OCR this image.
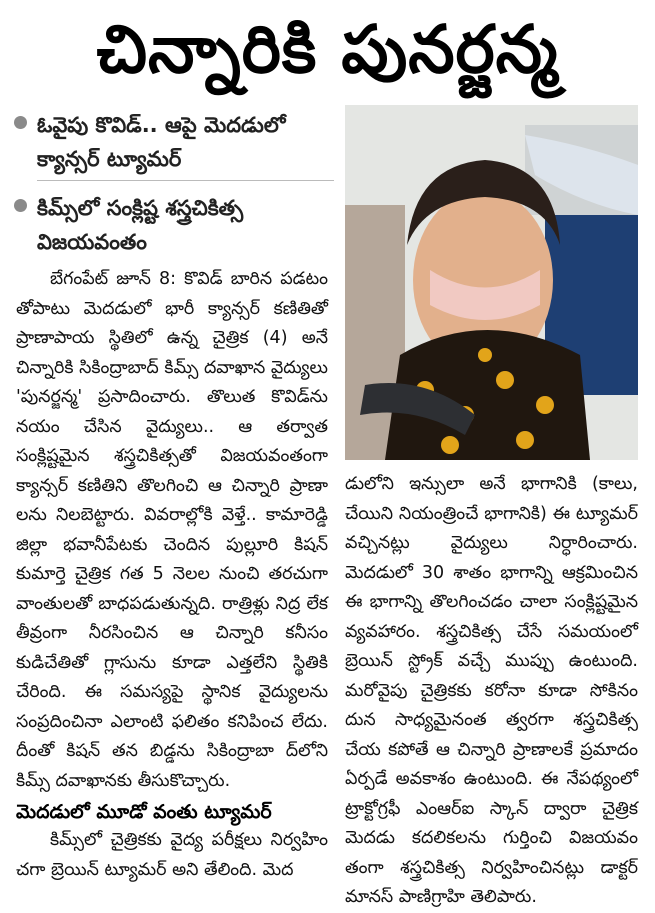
చిన్నారికి పునర్జన్మ
ఓవైపు కొవిడ్.. ఆపై మెదడులో క్యాన్సర్ ట్యూమర్
కిమ్స్‌లో సంక్లిష్ట శస్త్రచికిత్స విజయవంతం

బేగంపేట్ జూన్ 8: కొవిడ్ బారిన పడటం తోపాటు మెదడులో భారీ క్యాన్సర్ కణితితో ప్రాణాపాయ స్థితిలో ఉన్న చైత్రిక (4) అనే చిన్నారికి సికింద్రాబాద్ కిమ్స్ దవాఖాన వైద్యులు 'పునర్జన్మ' ప్రసాదించారు. తొలుత కొవిడ్‌ను నయం చేసిన వైద్యులు.. ఆ తర్వాత సంక్లిష్టమైన శస్త్రచికిత్సతో విజయవంతంగా క్యాన్సర్ కణితిని తొలగించి ఆ చిన్నారి ప్రాణా లను నిలబెట్టారు. వివరాల్లోకి వెళ్తే.. కామారెడ్డి జిల్లా భవానీపేటకు చెందిన పుల్లూరి కిషన్ కుమార్తె చైత్రిక గత 5 నెలల నుంచి తరచుగా వాంతులతో బాధపడుతున్నది. రాత్రిళ్లు నిద్ర లేక తీవ్రంగా నీరసించిన ఆ చిన్నారి కనీసం కుడిచేతితో గ్లాసును కూడా ఎత్తలేని స్థితికి చేరింది. ఈ సమస్యపై స్థానిక వైద్యులను సంప్రదించినా ఎలాంటి ఫలితం కనిపించ లేదు. దీంతో కిషన్ తన బిడ్డను సికింద్రాబా ద్‌లోని కిమ్స్ దవాఖానకు తీసుకొచ్చారు.

మెదడులో మూడో వంతు ట్యూమర్

కిమ్స్‌లో చైత్రికకు వైద్య పరీక్షలు నిర్వహిం చగా బ్రెయిన్ ట్యూమర్ అని తేలింది. మెద

డులోని ఇన్సులా అనే భాగానికి (కాలు, చేయిని నియంత్రించే భాగానికి) ఈ ట్యూమర్ వచ్చినట్లు వైద్యులు నిర్ధారించారు. మెదడులో 30 శాతం భాగాన్ని ఆక్రమించిన ఈ భాగాన్ని తొలగించడం చాలా సంక్లిష్టమైన వ్యవహారం. శస్త్రచికిత్స చేసే సమయంలో బ్రెయిన్ స్ట్రోక్ వచ్చే ముప్పు ఉంటుంది. మరోవైపు చైత్రికకు కరోనా కూడా సోకినం దున సాధ్యమైనంత త్వరగా శస్త్రచికిత్స చేయ కపోతే ఆ చిన్నారి ప్రాణాలకే ప్రమాదం ఏర్పడే అవకాశం ఉంటుంది. ఈ నేపథ్యంలో ట్రాక్టోగ్రఫీ ఎంఆర్ఐ స్కాన్ ద్వారా చైత్రిక మెదడు కదలికలను గుర్తించి విజయవం తంగా శస్త్రచికిత్స నిర్వహించినట్లు డాక్టర్ మానస్ పాణిగ్రాహి తెలిపారు.
